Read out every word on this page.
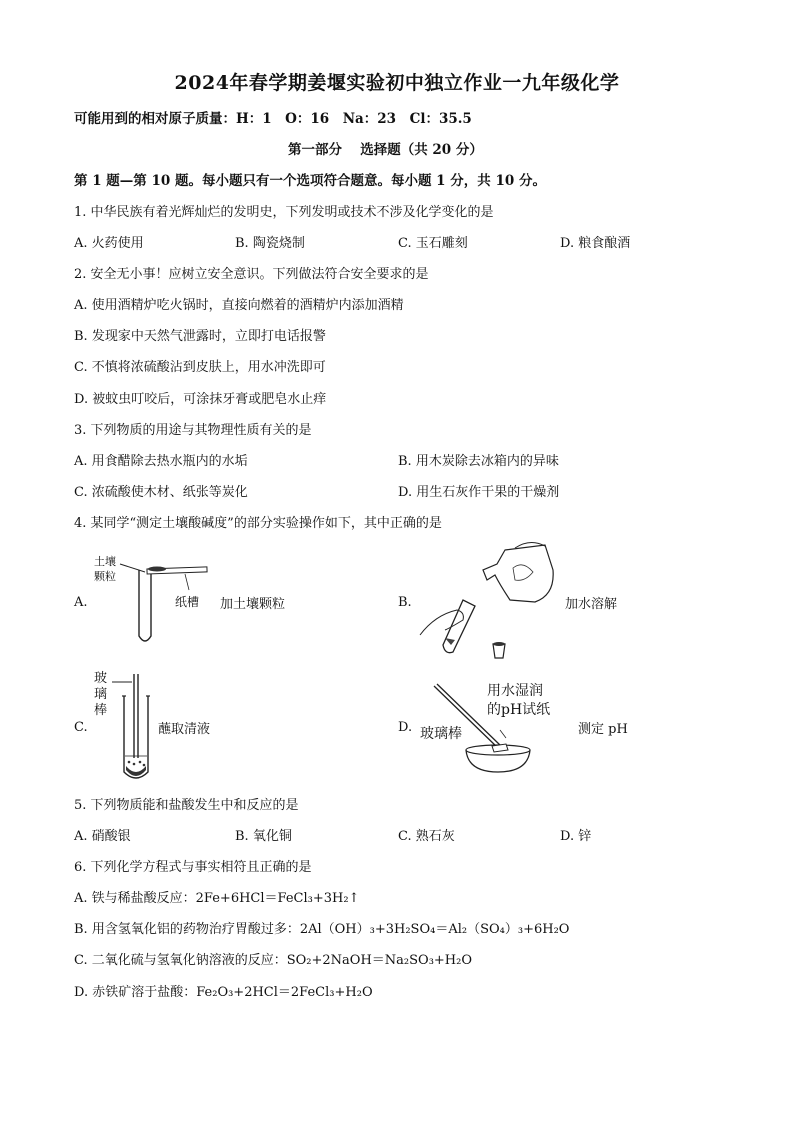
2024年春学期姜堰实验初中独立作业一九年级化学
可能用到的相对原子质量：H：1　O：16　Na：23　Cl：35.5
第一部分　 选择题（共 20 分）
第 1 题—第 10 题。每小题只有一个选项符合题意。每小题 1 分，共 10 分。
1. 中华民族有着光辉灿烂的发明史，下列发明或技术不涉及化学变化的是
A. 火药使用	B. 陶瓷烧制	C. 玉石雕刻	D. 粮食酿酒
2. 安全无小事！应树立安全意识。下列做法符合安全要求的是
A. 使用酒精炉吃火锅时，直接向燃着的酒精炉内添加酒精
B. 发现家中天然气泄露时，立即打电话报警
C. 不慎将浓硫酸沾到皮肤上，用水冲洗即可
D. 被蚊虫叮咬后，可涂抹牙膏或肥皂水止痒
3. 下列物质的用途与其物理性质有关的是
A. 用食醋除去热水瓶内的水垢	B. 用木炭除去冰箱内的异味
C. 浓硫酸使木材、纸张等炭化	D. 用生石灰作干果的干燥剂
4. 某同学“测定土壤酸碱度”的部分实验操作如下，其中正确的是
A.
土壤
颗粒
纸槽 加土壤颗粒	B.	加水溶解
C.
玻
璃
棒
蘸取清液	D.
用水湿润
的pH试纸
玻璃棒	测定 pH
5. 下列物质能和盐酸发生中和反应的是
A. 硝酸银	B. 氧化铜	C. 熟石灰	D. 锌
6. 下列化学方程式与事实相符且正确的是
A. 铁与稀盐酸反应：2Fe+6HCl＝FeCl₃+3H₂↑
B. 用含氢氧化铝的药物治疗胃酸过多：2Al（OH）₃+3H₂SO₄＝Al₂（SO₄）₃+6H₂O
C. 二氧化硫与氢氧化钠溶液的反应：SO₂+2NaOH＝Na₂SO₃+H₂O
D. 赤铁矿溶于盐酸：Fe₂O₃+2HCl＝2FeCl₃+H₂O
